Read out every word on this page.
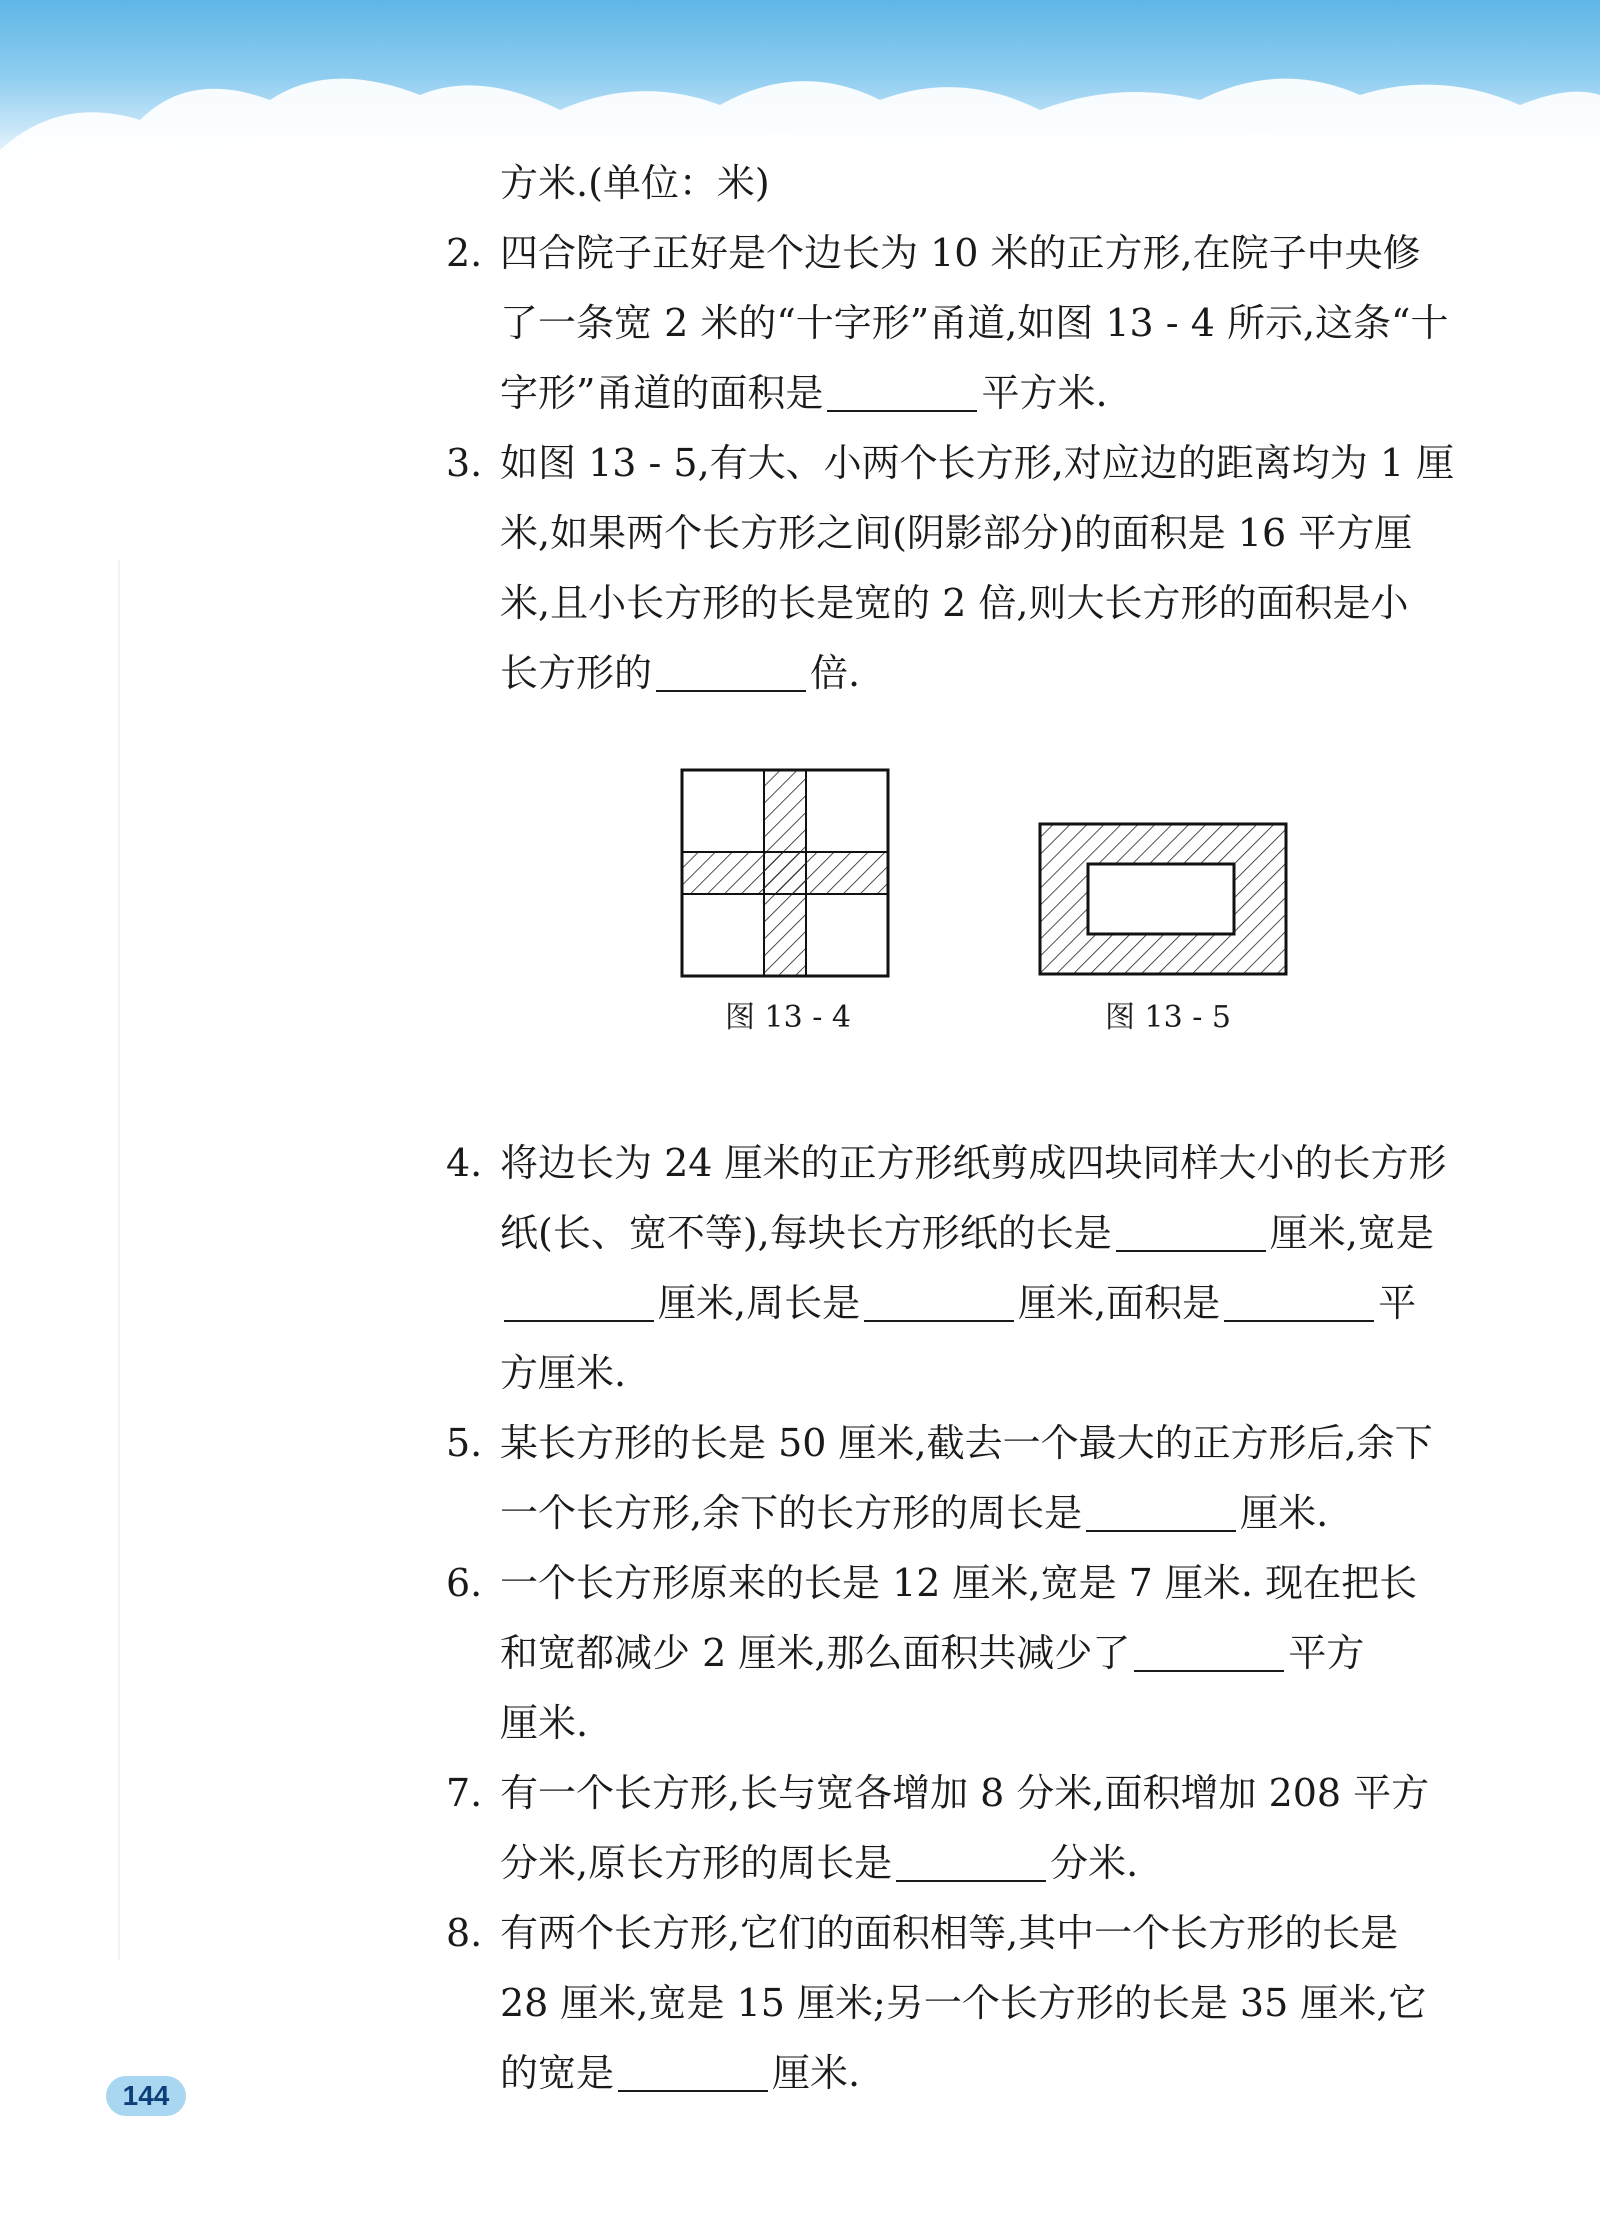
方米.(单位：米)
2. 四合院子正好是个边长为 10 米的正方形,在院子中央修
了一条宽 2 米的“十字形”甬道,如图 13 - 4 所示,这条“十
字形”甬道的面积是	平方米.
3. 如图 13 - 5,有大、小两个长方形,对应边的距离均为 1 厘
米,如果两个长方形之间(阴影部分)的面积是 16 平方厘
米,且小长方形的长是宽的 2 倍,则大长方形的面积是小
长方形的	倍.
4. 将边长为 24 厘米的正方形纸剪成四块同样大小的长方形
纸(长、宽不等),每块长方形纸的长是	厘米,宽是
厘米,周长是	厘米,面积是	平
方厘米.
5. 某长方形的长是 50 厘米,截去一个最大的正方形后,余下
一个长方形,余下的长方形的周长是	厘米.
6. 一个长方形原来的长是 12 厘米,宽是 7 厘米. 现在把长
和宽都减少 2 厘米,那么面积共减少了	平方
厘米.
7. 有一个长方形,长与宽各增加 8 分米,面积增加 208 平方
分米,原长方形的周长是	分米.
8. 有两个长方形,它们的面积相等,其中一个长方形的长是
28 厘米,宽是 15 厘米;另一个长方形的长是 35 厘米,它
的宽是	厘米.
图 13 - 4	图 13 - 5
144
